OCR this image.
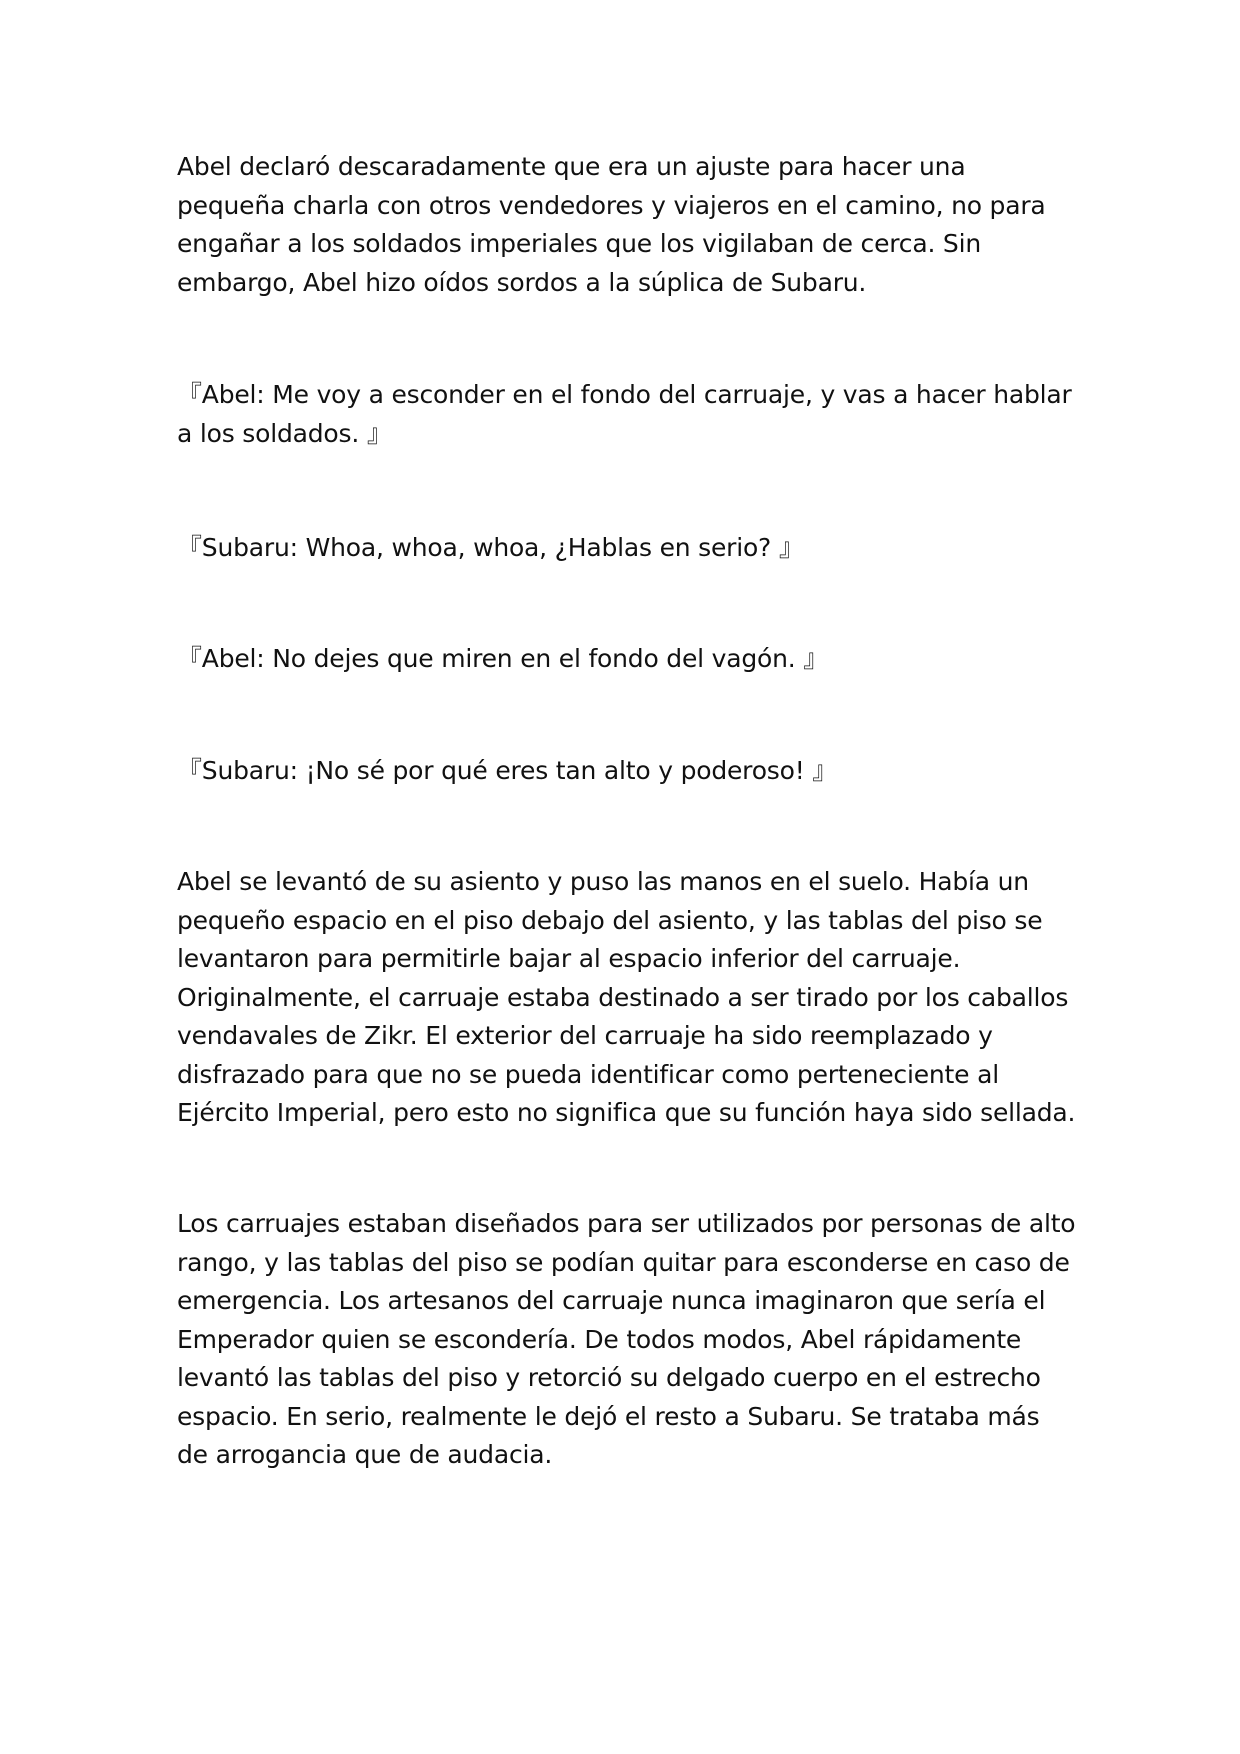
Abel declaró descaradamente que era un ajuste para hacer una pequeña charla con otros vendedores y viajeros en el camino, no para engañar a los soldados imperiales que los vigilaban de cerca. Sin embargo, Abel hizo oídos sordos a la súplica de Subaru.

『Abel: Me voy a esconder en el fondo del carruaje, y vas a hacer hablar a los soldados. 』

『Subaru: Whoa, whoa, whoa, ¿Hablas en serio? 』

『Abel: No dejes que miren en el fondo del vagón. 』

『Subaru: ¡No sé por qué eres tan alto y poderoso! 』

Abel se levantó de su asiento y puso las manos en el suelo. Había un pequeño espacio en el piso debajo del asiento, y las tablas del piso se levantaron para permitirle bajar al espacio inferior del carruaje. Originalmente, el carruaje estaba destinado a ser tirado por los caballos vendavales de Zikr. El exterior del carruaje ha sido reemplazado y disfrazado para que no se pueda identificar como perteneciente al Ejército Imperial, pero esto no significa que su función haya sido sellada.

Los carruajes estaban diseñados para ser utilizados por personas de alto rango, y las tablas del piso se podían quitar para esconderse en caso de emergencia. Los artesanos del carruaje nunca imaginaron que sería el Emperador quien se escondería. De todos modos, Abel rápidamente levantó las tablas del piso y retorció su delgado cuerpo en el estrecho espacio. En serio, realmente le dejó el resto a Subaru. Se trataba más de arrogancia que de audacia.
